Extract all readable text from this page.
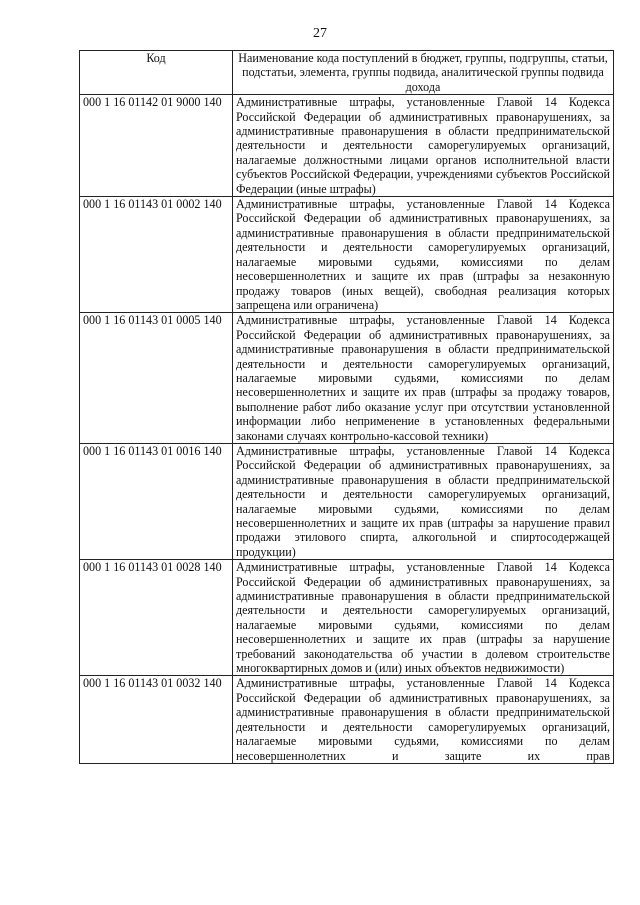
27
Код	Наименование кода поступлений в бюджет, группы, подгруппы, статьи, подстатьи, элемента, группы подвида, аналитической группы подвида дохода
000 1 16 01142 01 9000 140	Административные штрафы, установленные Главой 14 Кодекса Российской Федерации об административных правонарушениях, за административные правонарушения в области предпринимательской деятельности и деятельности саморегулируемых организаций, налагаемые должностными лицами органов исполнительной власти субъектов Российской Федерации, учреждениями субъектов Российской Федерации (иные штрафы)
000 1 16 01143 01 0002 140	Административные штрафы, установленные Главой 14 Кодекса Российской Федерации об административных правонарушениях, за административные правонарушения в области предпринимательской деятельности и деятельности саморегулируемых организаций, налагаемые мировыми судьями, комиссиями по делам несовершеннолетних и защите их прав (штрафы за незаконную продажу товаров (иных вещей), свободная реализация которых запрещена или ограничена)
000 1 16 01143 01 0005 140	Административные штрафы, установленные Главой 14 Кодекса Российской Федерации об административных правонарушениях, за административные правонарушения в области предпринимательской деятельности и деятельности саморегулируемых организаций, налагаемые мировыми судьями, комиссиями по делам несовершеннолетних и защите их прав (штрафы за продажу товаров, выполнение работ либо оказание услуг при отсутствии установленной информации либо неприменение в установленных федеральными законами случаях контрольно-кассовой техники)
000 1 16 01143 01 0016 140	Административные штрафы, установленные Главой 14 Кодекса Российской Федерации об административных правонарушениях, за административные правонарушения в области предпринимательской деятельности и деятельности саморегулируемых организаций, налагаемые мировыми судьями, комиссиями по делам несовершеннолетних и защите их прав (штрафы за нарушение правил продажи этилового спирта, алкогольной и спиртосодержащей продукции)
000 1 16 01143 01 0028 140	Административные штрафы, установленные Главой 14 Кодекса Российской Федерации об административных правонарушениях, за административные правонарушения в области предпринимательской деятельности и деятельности саморегулируемых организаций, налагаемые мировыми судьями, комиссиями по делам несовершеннолетних и защите их прав (штрафы за нарушение требований законодательства об участии в долевом строительстве многоквартирных домов и (или) иных объектов недвижимости)
000 1 16 01143 01 0032 140	Административные штрафы, установленные Главой 14 Кодекса Российской Федерации об административных правонарушениях, за административные правонарушения в области предпринимательской деятельности и деятельности саморегулируемых организаций, налагаемые мировыми судьями, комиссиями по делам несовершеннолетних и защите их прав
